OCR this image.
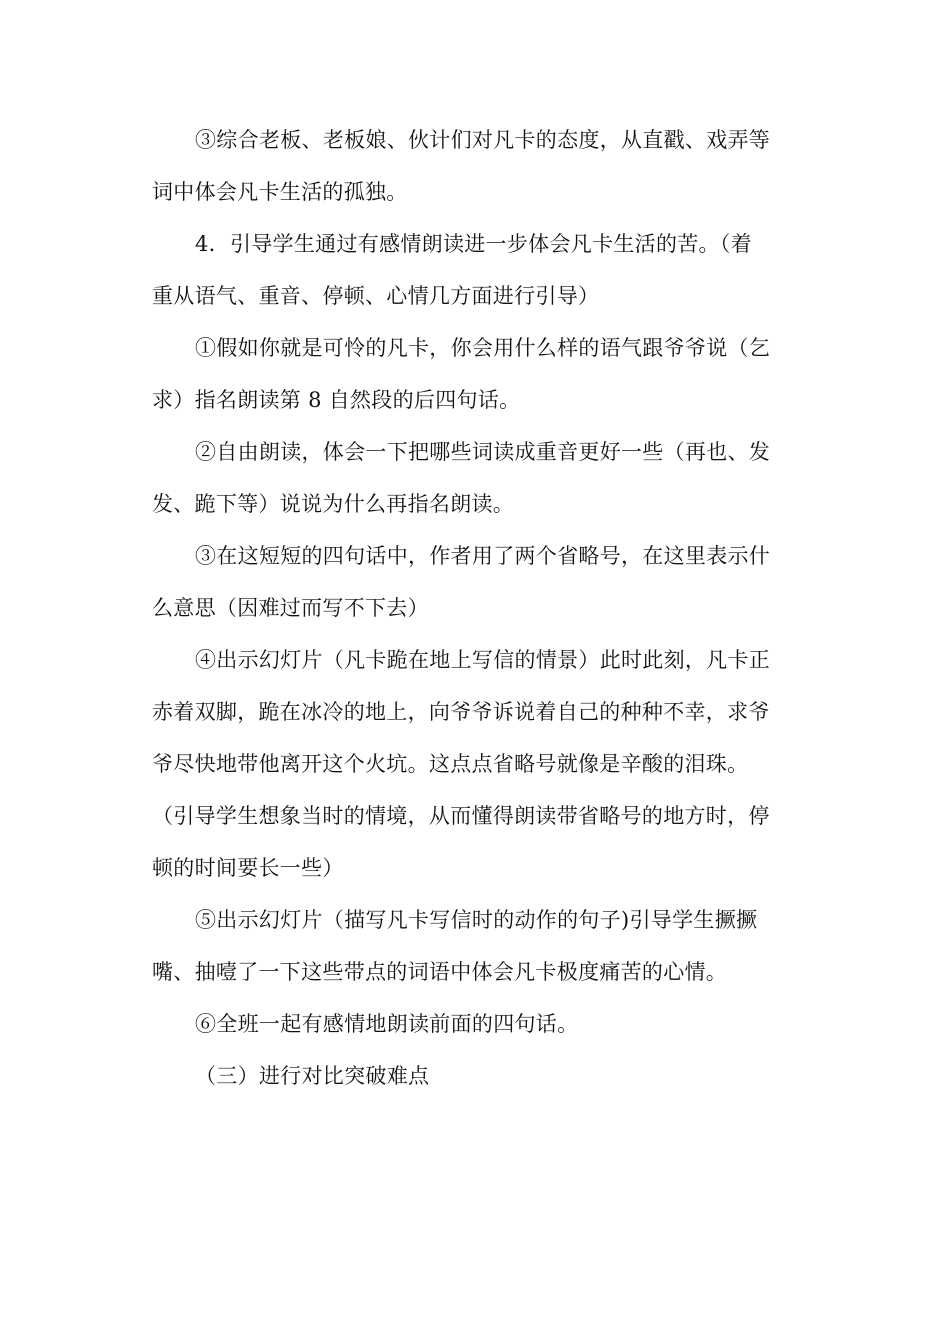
③综合老板、老板娘、伙计们对凡卡的态度，从直戳、戏弄等
词中体会凡卡生活的孤独。
4．引导学生通过有感情朗读进一步体会凡卡生活的苦。（着
重从语气、重音、停顿、心情几方面进行引导）
①假如你就是可怜的凡卡，你会用什么样的语气跟爷爷说（乞
求）指名朗读第 8 自然段的后四句话。
②自由朗读，体会一下把哪些词读成重音更好一些（再也、发
发、跪下等）说说为什么再指名朗读。
③在这短短的四句话中，作者用了两个省略号，在这里表示什
么意思（因难过而写不下去）
④出示幻灯片（凡卡跪在地上写信的情景）此时此刻，凡卡正
赤着双脚，跪在冰冷的地上，向爷爷诉说着自己的种种不幸，求爷
爷尽快地带他离开这个火坑。这点点省略号就像是辛酸的泪珠。
（引导学生想象当时的情境，从而懂得朗读带省略号的地方时，停
顿的时间要长一些）
⑤出示幻灯片（描写凡卡写信时的动作的句子)引导学生撅撅
嘴、抽噎了一下这些带点的词语中体会凡卡极度痛苦的心情。
⑥全班一起有感情地朗读前面的四句话。
（三）进行对比突破难点
